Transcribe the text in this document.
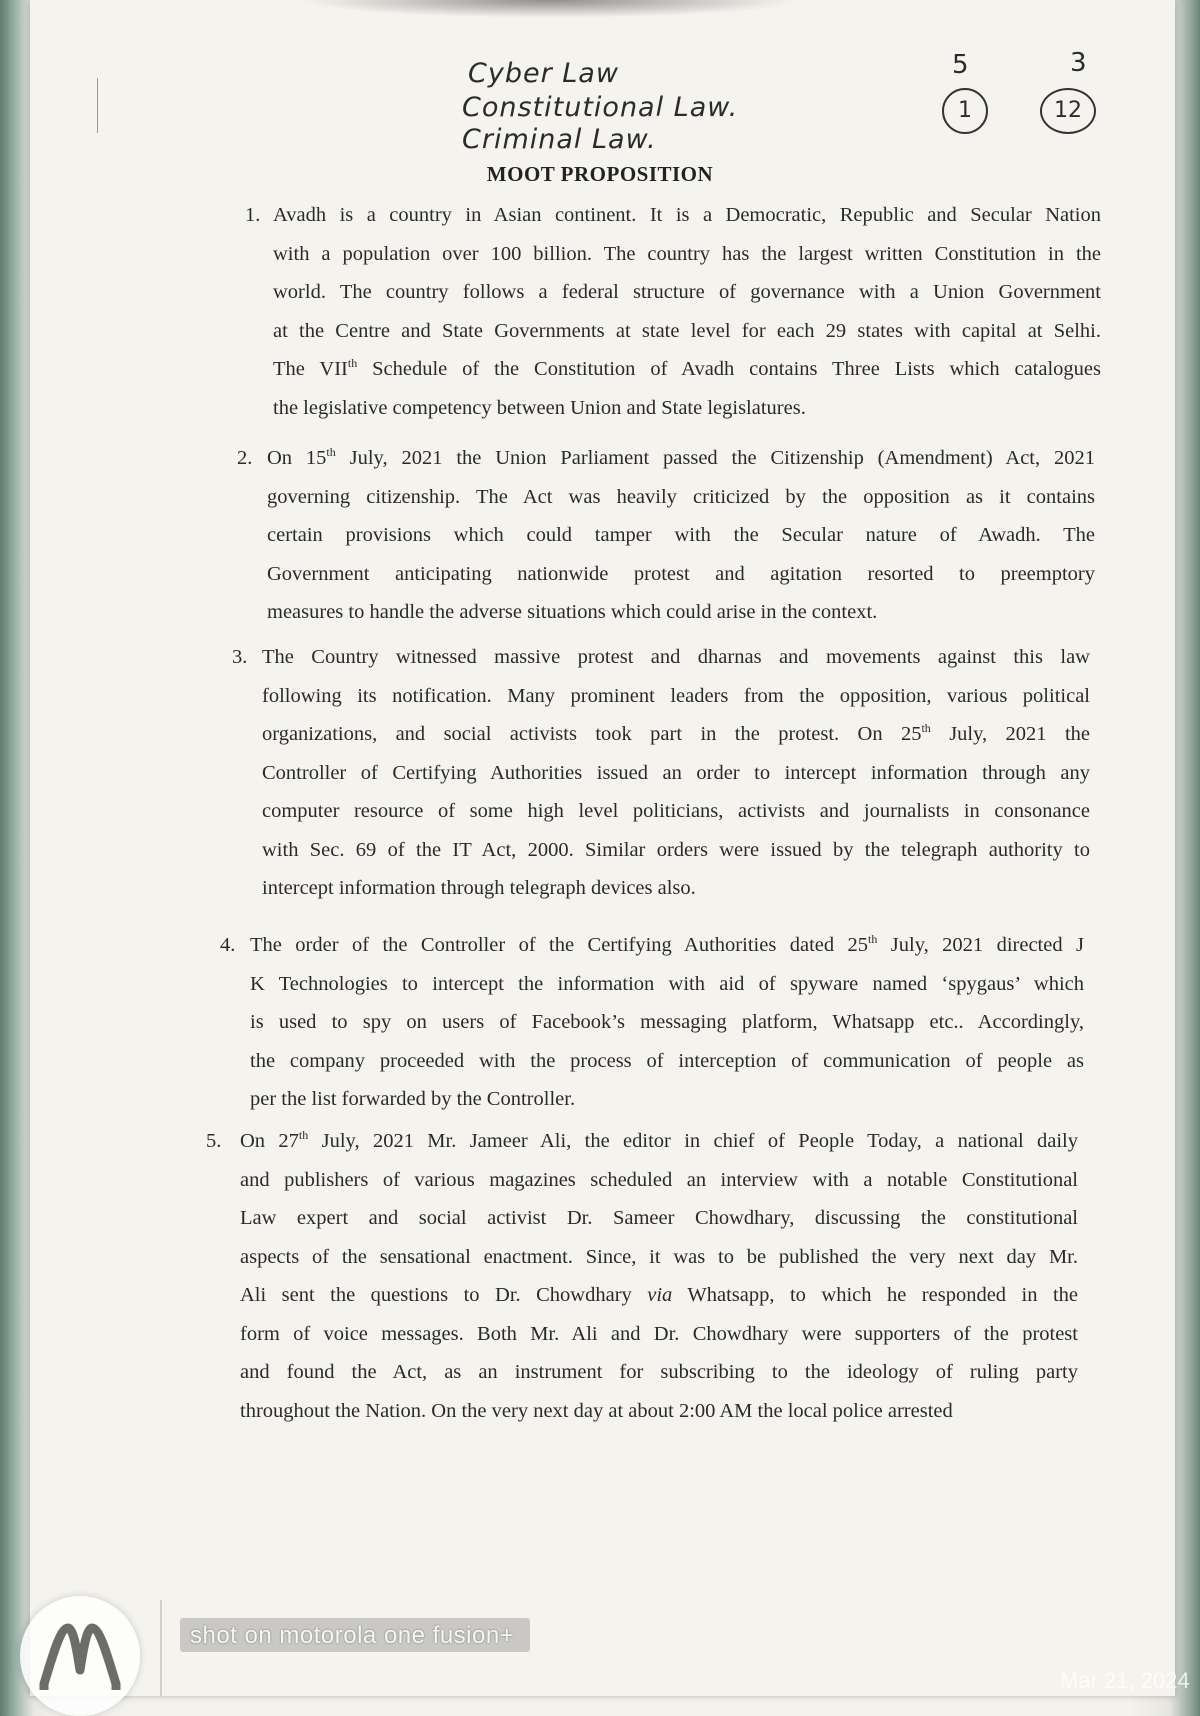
Cyber Law
Constitutional Law.
Criminal Law.
5
1
3
12
MOOT PROPOSITION
1. Avadh is a country in Asian continent. It is a Democratic, Republic and Secular Nation
with a population over 100 billion. The country has the largest written Constitution in the
world. The country follows a federal structure of governance with a Union Government
at the Centre and State Governments at state level for each 29 states with capital at Selhi.
The VIIth Schedule of the Constitution of Avadh contains Three Lists which catalogues
the legislative competency between Union and State legislatures.
2. On 15th July, 2021 the Union Parliament passed the Citizenship (Amendment) Act, 2021
governing citizenship. The Act was heavily criticized by the opposition as it contains
certain provisions which could tamper with the Secular nature of Awadh. The
Government anticipating nationwide protest and agitation resorted to preemptory
measures to handle the adverse situations which could arise in the context.
3. The Country witnessed massive protest and dharnas and movements against this law
following its notification. Many prominent leaders from the opposition, various political
organizations, and social activists took part in the protest. On 25th July, 2021 the
Controller of Certifying Authorities issued an order to intercept information through any
computer resource of some high level politicians, activists and journalists in consonance
with Sec. 69 of the IT Act, 2000. Similar orders were issued by the telegraph authority to
intercept information through telegraph devices also.
4. The order of the Controller of the Certifying Authorities dated 25th July, 2021 directed J
K Technologies to intercept the information with aid of spyware named ‘spygaus’ which
is used to spy on users of Facebook’s messaging platform, Whatsapp etc.. Accordingly,
the company proceeded with the process of interception of communication of people as
per the list forwarded by the Controller.
5. On 27th July, 2021 Mr. Jameer Ali, the editor in chief of People Today, a national daily
and publishers of various magazines scheduled an interview with a notable Constitutional
Law expert and social activist Dr. Sameer Chowdhary, discussing the constitutional
aspects of the sensational enactment. Since, it was to be published the very next day Mr.
Ali sent the questions to Dr. Chowdhary via Whatsapp, to which he responded in the
form of voice messages. Both Mr. Ali and Dr. Chowdhary were supporters of the protest
and found the Act, as an instrument for subscribing to the ideology of ruling party
throughout the Nation. On the very next day at about 2:00 AM the local police arrested
shot on motorola one fusion+
Mar 21, 2024
